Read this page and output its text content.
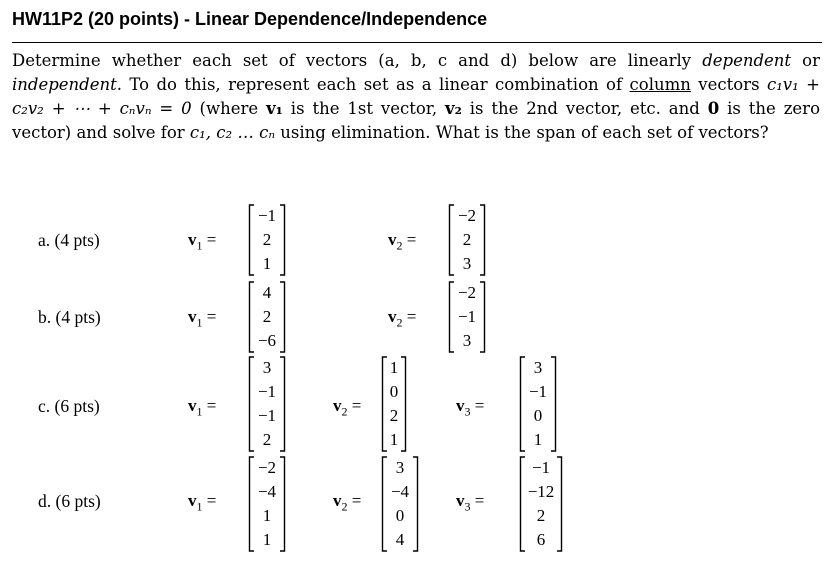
HW11P2 (20 points) - Linear Dependence/Independence
Determine whether each set of vectors (a, b, c and d) below are linearly dependent or independent. To do this, represent each set as a linear combination of column vectors c₁v₁ + c₂v₂ + ⋯ + cₙvₙ = 0 (where v₁ is the 1st vector, v₂ is the 2nd vector, etc. and 0 is the zero vector) and solve for c₁, c₂ … cₙ using elimination. What is the span of each set of vectors?
a. (4 pts)	$v_1$ =
−1
2
1
$v_2$ =
−2
2
3
b. (4 pts)	$v_1$ =
4
2
−6
$v_2$ =
−2
−1
3
c. (6 pts)	$v_1$ =
3
−1
−1
2
$v_2$ =
1
0
2
1
$v_3$ =
3
−1
0
1
d. (6 pts)	$v_1$ =
−2
−4
1
1
$v_2$ =
3
−4
0
4
$v_3$ =
−1
−12
2
6
